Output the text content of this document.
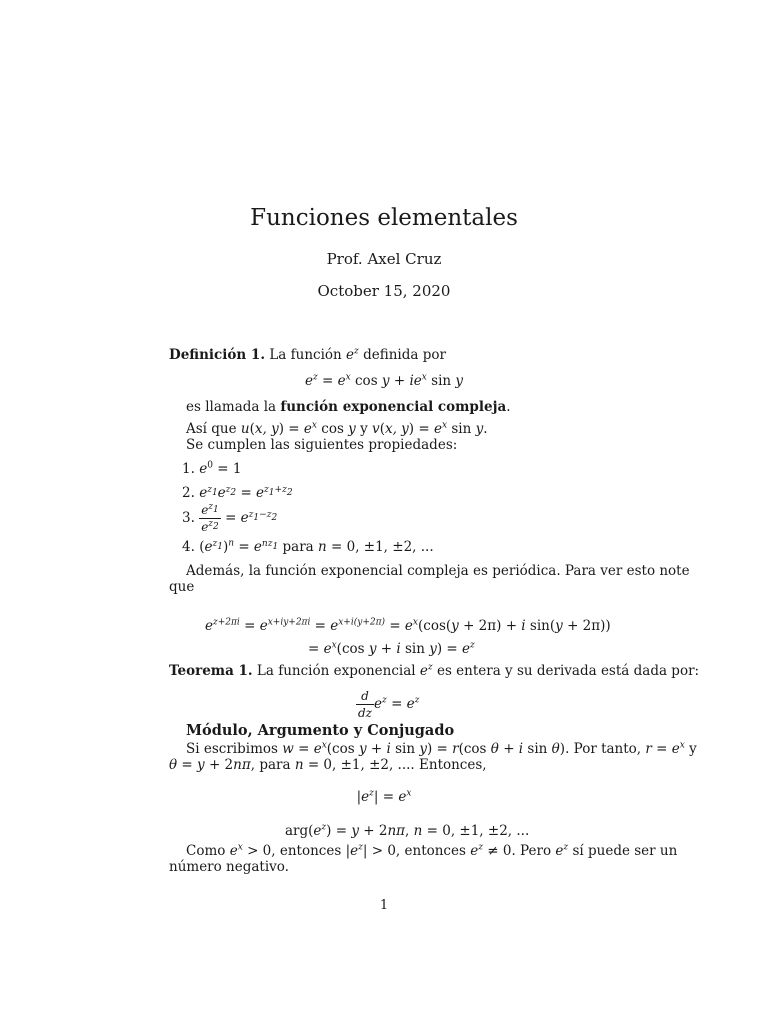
Funciones elementales
Prof. Axel Cruz
October 15, 2020
Definición 1. La función $e^z$ definida por
$e^z = e^x$ $\cos y + ie^x$ sin y
es llamada la función exponencial compleja.
Así que u(x, $y) = e^x$ cos y y v(x, $y) = e^x$ sin y.
Se cumplen las siguientes propiedades:
1. $e^0 = 1$
2. $e^{z_1}e^{z_2} = e^{z_1+z_2}$
3. $\frac{e^{z_1}}{e^{z_2}} = e^{z_1-z_2}$
4. $(e^{z_1})^n = e^{nz_1}$ para n = 0, ±1, ±2, ...
Además, la función exponencial compleja es periódica. Para ver esto note
que
$e^{z+2\pi i} = e^{x+iy+2\pi i} = e^{x+i(y+2\pi)} = e^x(\cos(y + 2\pi) + i$ sin(y + 2π))
= $e^x(\cos$ y + i $\sin y) = e^z$
Teorema 1. La función exponencial $e^z$ es entera y su derivada está dada por:
$\frac{d}{dz} e^z = e^z$
Módulo, Argumento y Conjugado
Si escribimos $w = e^x(\cos$ y + i sin y) = r(cos θ + i sin θ). Por tanto, $r = e^x$ y
θ = y + 2nπ, para n = 0, ±1, ±2, .... Entonces,
$|e^z| = e^x$
$arg(e^z) = y + 2n\pi$, n = 0, ±1, ±2, ...
Como $e^x > 0$, entonces $|e^z| > 0$, entonces $e^z \ne 0$. Pero $e^z$ sí puede ser un
número negativo.
1
